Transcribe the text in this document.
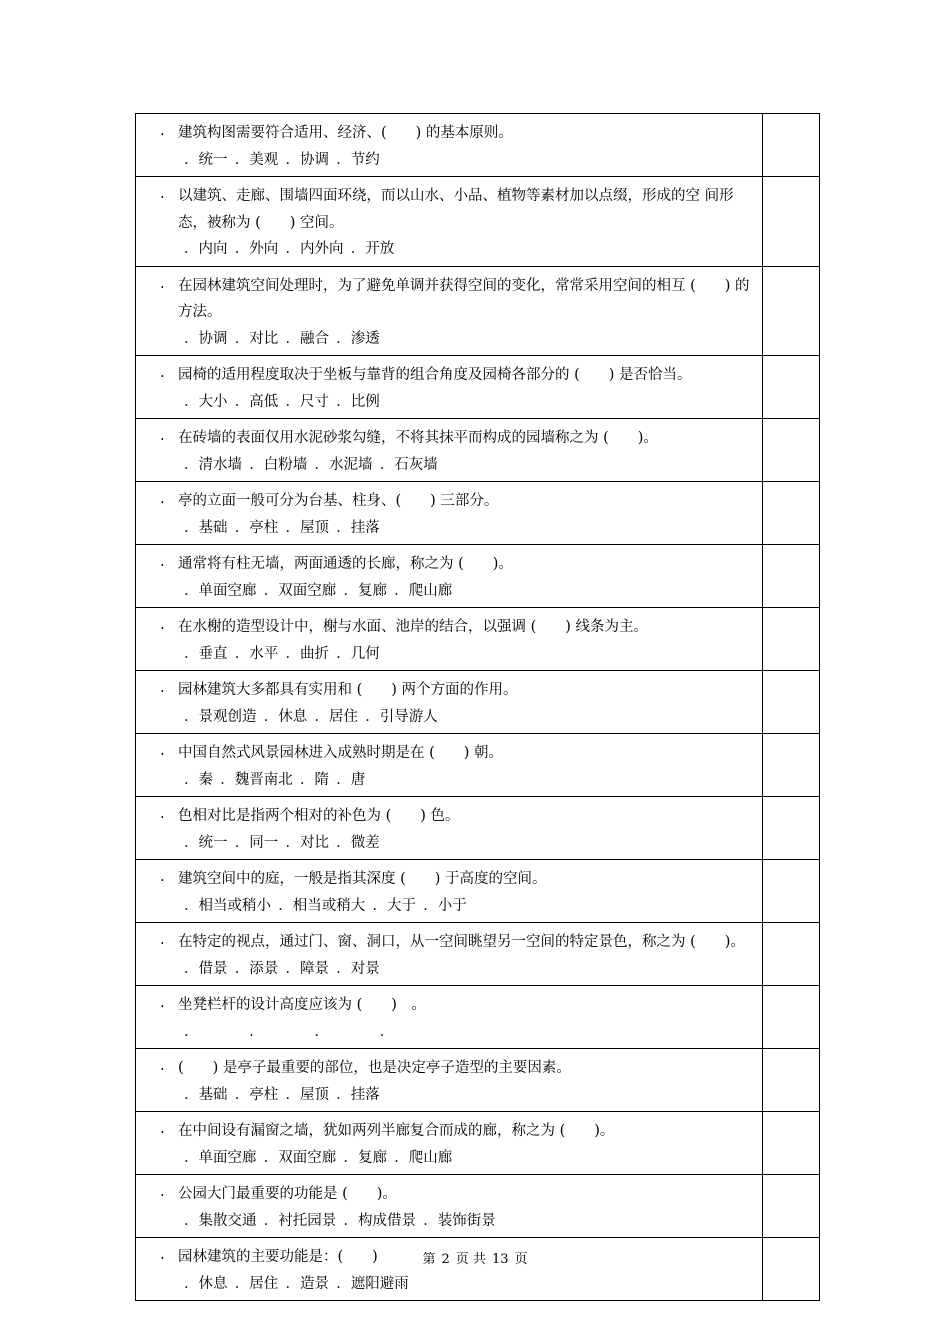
. 建筑构图需要符合适用、经济、(　　) 的基本原则。
．统一  ．美观  ．协调  ．节约

. 以建筑、走廊、围墙四面环绕，而以山水、小品、植物等素材加以点缀，形成的空 间形态，被称为 (　　) 空间。
．内向  ．外向  ．内外向  ．开放

. 在园林建筑空间处理时，为了避免单调并获得空间的变化，常常采用空间的相互 (　　) 的方法。
．协调  ．对比  ．融合  ．渗透

. 园椅的适用程度取决于坐板与靠背的组合角度及园椅各部分的 (　　) 是否恰当。
．大小  ．高低  ．尺寸  ．比例

. 在砖墙的表面仅用水泥砂浆勾缝，不将其抹平而构成的园墙称之为 (　　)。
．清水墙  ．白粉墙  ．水泥墙  ．石灰墙

. 亭的立面一般可分为台基、柱身、(　　) 三部分。
．基础  ．亭柱  ．屋顶  ．挂落

. 通常将有柱无墙，两面通透的长廊，称之为 (　　)。
．单面空廊  ．双面空廊  ．复廊  ．爬山廊

. 在水榭的造型设计中，榭与水面、池岸的结合，以强调 (　　) 线条为主。
．垂直  ．水平  ．曲折  ．几何

. 园林建筑大多都具有实用和 (　　) 两个方面的作用。
．景观创造  ．休息  ．居住  ．引导游人

. 中国自然式风景园林进入成熟时期是在 (　　) 朝。
．秦  ．魏晋南北  ．隋  ．唐

. 色相对比是指两个相对的补色为 (　　) 色。
．统一  ．同一  ．对比  ．微差

. 建筑空间中的庭，一般是指其深度 (　　) 于高度的空间。
．相当或稍小  ．相当或稍大  ．大于  ．小于

. 在特定的视点，通过门、窗、洞口，从一空间眺望另一空间的特定景色，称之为 (　　)。
．借景  ．添景  ．障景  ．对景

. 坐凳栏杆的设计高度应该为 (　　)　。
．　　　　 ．　　　　 ．　　　　 ．

. (　　) 是亭子最重要的部位，也是决定亭子造型的主要因素。
．基础  ．亭柱  ．屋顶  ．挂落

. 在中间设有漏窗之墙，犹如两列半廊复合而成的廊，称之为 (　　)。
．单面空廊  ．双面空廊  ．复廊  ．爬山廊

. 公园大门最重要的功能是 (　　)。
．集散交通  ．衬托园景  ．构成借景  ．装饰街景

. 园林建筑的主要功能是：(　　)
．休息  ．居住  ．造景  ．遮阳避雨

第 2 页 共 13 页
